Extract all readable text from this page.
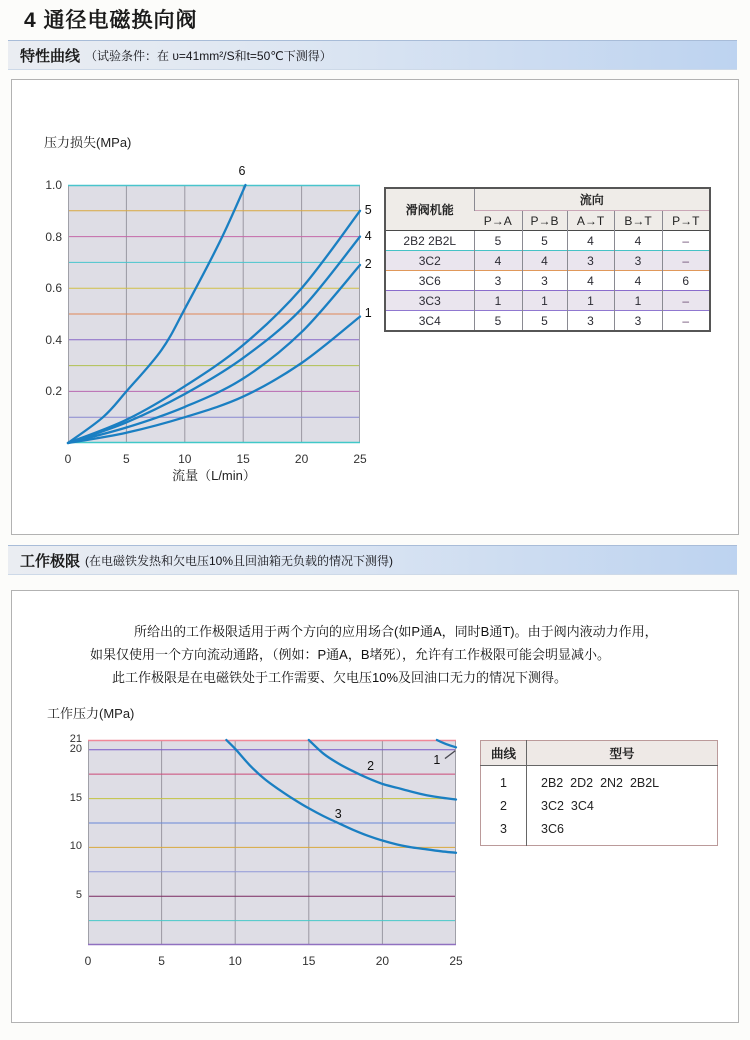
4 通径电磁换向阀
特性曲线 （试验条件：在 υ=41mm²/S和t=50℃下测得）
压力损失(MPa)
流量（L/min）
滑阀机能	流向				
	P→A	P→B	A→T	B→T	P→T
2B2 2B2L	5	5	4	4	–
3C2	4	4	3	3	–
3C6	3	3	4	4	6
3C3	1	1	1	1	–
3C4	5	5	3	3	–
工作极限 (在电磁铁发热和欠电压10%且回油箱无负载的情况下测得)
所给出的工作极限适用于两个方向的应用场合(如P通A，同时B通T)。由于阀内液动力作用，
如果仅使用一个方向流动通路，（例如：P通A，B堵死），允许有工作极限可能会明显减小。
此工作极限是在电磁铁处于工作需要、欠电压10%及回油口无力的情况下测得。
工作压力(MPa)
曲线	型号
1	2B2  2D2  2N2  2B2L
2	3C2  3C4
3	3C6
1.0
0.8
0.6
0.4
0.2
0	5	10	15	20	25
6
5
4
2
1
21
20
15
10
5
0	5	10	15	20	25
1
2
3
